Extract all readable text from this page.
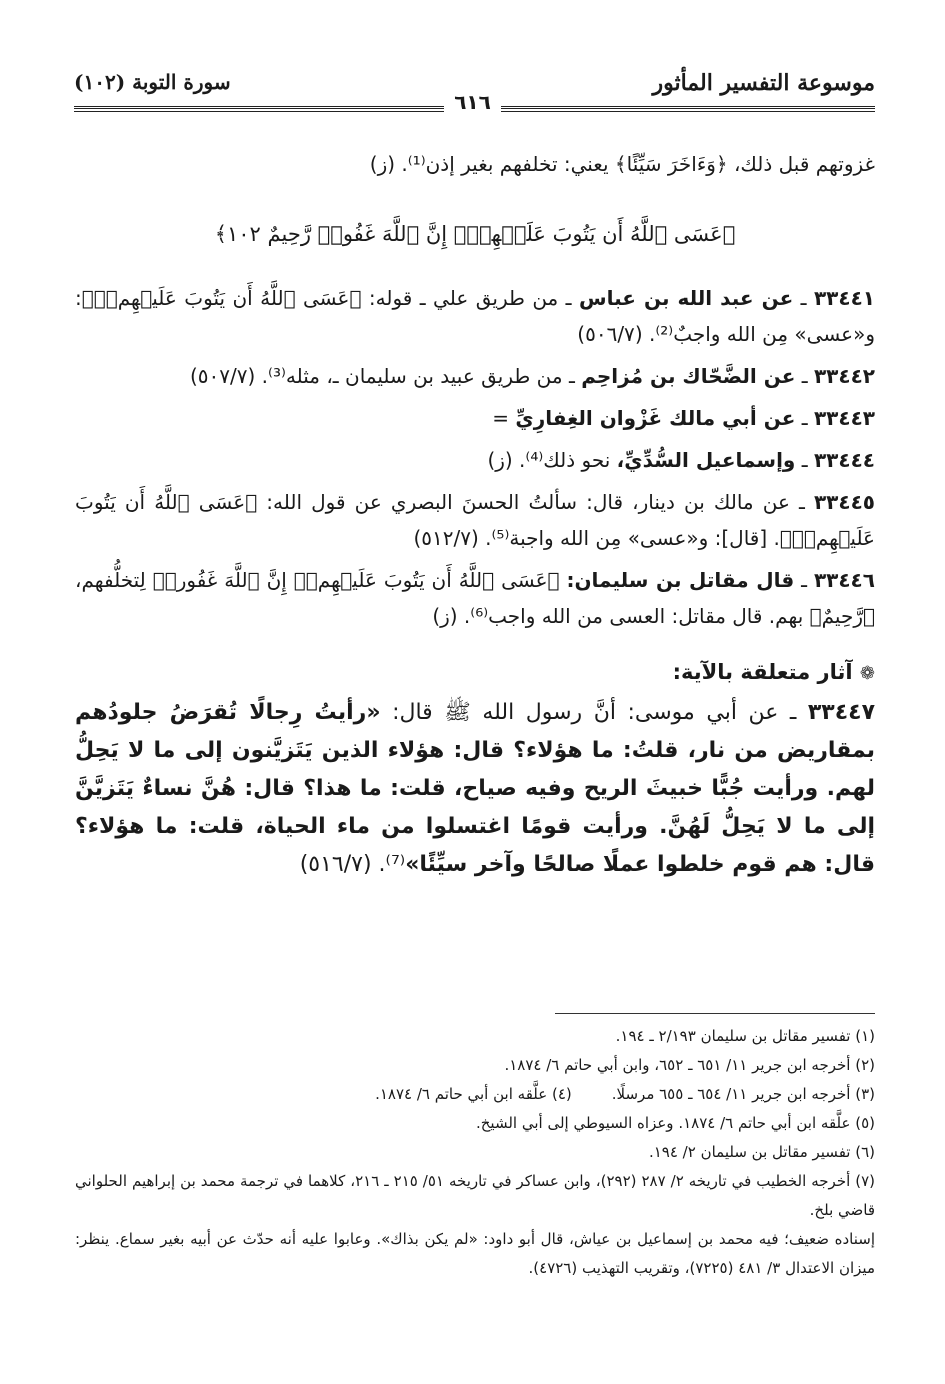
موسوعة التفسير المأثور
سورة التوبة (١٠٢)
٦١٦

غزوتهم قبل ذلك، ﴿وَءَاخَرَ سَيِّئًا﴾ يعني: تخلفهم بغير إذن⁽¹⁾. (ز)

﴿عَسَى ٱللَّهُ أَن يَتُوبَ عَلَيۡهِمۡۚ إِنَّ ٱللَّهَ غَفُورٞ رَّحِيمٌ ١٠٢﴾
٣٣٤٤١ ـ عن عبد الله بن عباس ـ من طريق علي ـ قوله: ﴿عَسَى ٱللَّهُ أَن يَتُوبَ عَلَيۡهِمۡۚ﴾: و«عسى» مِن الله واجبٌ⁽²⁾. (٥٠٦/٧)
٣٣٤٤٢ ـ عن الضَّحّاك بن مُزاحِم ـ من طريق عبيد بن سليمان ـ، مثله⁽³⁾. (٥٠٧/٧)
٣٣٤٤٣ ـ عن أبي مالك غَزْوان الغِفارِيِّ =
٣٣٤٤٤ ـ وإسماعيل السُّدِّيِّ، نحو ذلك⁽⁴⁾. (ز)
٣٣٤٤٥ ـ عن مالك بن دينار، قال: سألتُ الحسنَ البصري عن قول الله: ﴿عَسَى ٱللَّهُ أَن يَتُوبَ عَلَيۡهِمۡۚ﴾. [قال]: و«عسى» مِن الله واجبة⁽⁵⁾. (٥١٢/٧)
٣٣٤٤٦ ـ قال مقاتل بن سليمان: ﴿عَسَى ٱللَّهُ أَن يَتُوبَ عَلَيۡهِمۡۚ إِنَّ ٱللَّهَ غَفُورٞ﴾ لِتخلُّفهم، ﴿رَّحِيمٌ﴾ بهم. قال مقاتل: العسى من الله واجب⁽⁶⁾. (ز)
❁ آثار متعلقة بالآية:
٣٣٤٤٧ ـ عن أبي موسى: أنَّ رسول الله ﷺ قال: «رأيتُ رِجالًا تُقرَضُ جلودُهم بمقاريض من نار، قلتُ: ما هؤلاء؟ قال: هؤلاء الذين يَتَزيَّنون إلى ما لا يَحِلُّ لهم. ورأيت جُبًّا خبيثَ الريح وفيه صياح، قلت: ما هذا؟ قال: هُنَّ نساءٌ يَتَزيَّنَّ إلى ما لا يَحِلُّ لَهُنَّ. ورأيت قومًا اغتسلوا من ماء الحياة، قلت: ما هؤلاء؟ قال: هم قوم خلطوا عملًا صالحًا وآخر سيِّئًا»⁽⁷⁾. (٥١٦/٧)
(١) تفسير مقاتل بن سليمان ٢/١٩٣ ـ ١٩٤.
(٢) أخرجه ابن جرير ١١/ ٦٥١ ـ ٦٥٢، وابن أبي حاتم ٦/ ١٨٧٤.
(٣) أخرجه ابن جرير ١١/ ٦٥٤ ـ ٦٥٥ مرسلًا.
(٤) علَّقه ابن أبي حاتم ٦/ ١٨٧٤.
(٥) علَّقه ابن أبي حاتم ٦/ ١٨٧٤. وعزاه السيوطي إلى أبي الشيخ.
(٦) تفسير مقاتل بن سليمان ٢/ ١٩٤.
(٧) أخرجه الخطيب في تاريخه ٢/ ٢٨٧ (٢٩٢)، وابن عساكر في تاريخه ٥١/ ٢١٥ ـ ٢١٦، كلاهما في ترجمة محمد بن إبراهيم الحلواني قاضي بلخ.
إسناده ضعيف؛ فيه محمد بن إسماعيل بن عياش، قال أبو داود: «لم يكن بذاك». وعابوا عليه أنه حدّث عن أبيه بغير سماع. ينظر: ميزان الاعتدال ٣/ ٤٨١ (٧٢٢٥)، وتقريب التهذيب (٤٧٢٦).
